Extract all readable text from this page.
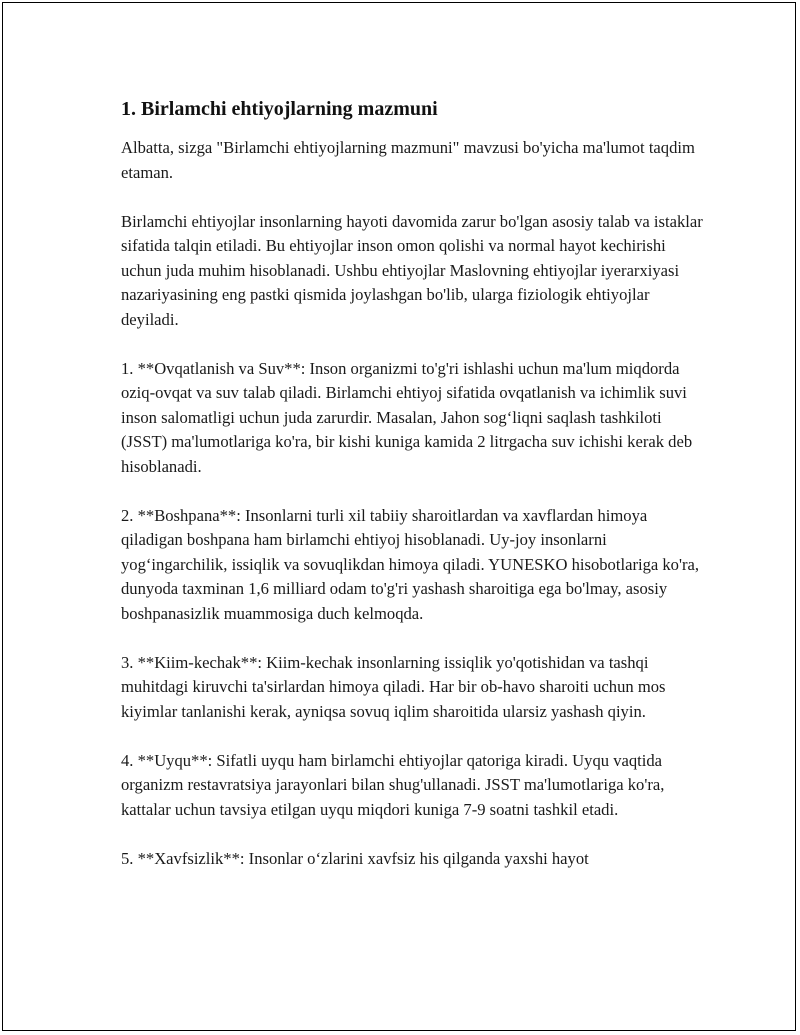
1. Birlamchi ehtiyojlarning mazmuni

Albatta, sizga "Birlamchi ehtiyojlarning mazmuni" mavzusi bo'yicha ma'lumot taqdim etaman.

Birlamchi ehtiyojlar insonlarning hayoti davomida zarur bo'lgan asosiy talab va istaklar sifatida talqin etiladi. Bu ehtiyojlar inson omon qolishi va normal hayot kechirishi uchun juda muhim hisoblanadi. Ushbu ehtiyojlar Maslovning ehtiyojlar iyerarxiyasi nazariyasining eng pastki qismida joylashgan bo'lib, ularga fiziologik ehtiyojlar deyiladi.

1. **Ovqatlanish va Suv**: Inson organizmi to'g'ri ishlashi uchun ma'lum miqdorda oziq-ovqat va suv talab qiladi. Birlamchi ehtiyoj sifatida ovqatlanish va ichimlik suvi inson salomatligi uchun juda zarurdir. Masalan, Jahon sog‘liqni saqlash tashkiloti (JSST) ma'lumotlariga ko'ra, bir kishi kuniga kamida 2 litrgacha suv ichishi kerak deb hisoblanadi.

2. **Boshpana**: Insonlarni turli xil tabiiy sharoitlardan va xavflardan himoya qiladigan boshpana ham birlamchi ehtiyoj hisoblanadi. Uy-joy insonlarni yog‘ingarchilik, issiqlik va sovuqlikdan himoya qiladi. YUNESKO hisobotlariga ko'ra, dunyoda taxminan 1,6 milliard odam to'g'ri yashash sharoitiga ega bo'lmay, asosiy boshpanasizlik muammosiga duch kelmoqda.

3. **Kiim-kechak**: Kiim-kechak insonlarning issiqlik yo'qotishidan va tashqi muhitdagi kiruvchi ta'sirlardan himoya qiladi. Har bir ob-havo sharoiti uchun mos kiyimlar tanlanishi kerak, ayniqsa sovuq iqlim sharoitida ularsiz yashash qiyin.

4. **Uyqu**: Sifatli uyqu ham birlamchi ehtiyojlar qatoriga kiradi. Uyqu vaqtida organizm restavratsiya jarayonlari bilan shug'ullanadi. JSST ma'lumotlariga ko'ra, kattalar uchun tavsiya etilgan uyqu miqdori kuniga 7-9 soatni tashkil etadi.

5. **Xavfsizlik**: Insonlar o‘zlarini xavfsiz his qilganda yaxshi hayot
